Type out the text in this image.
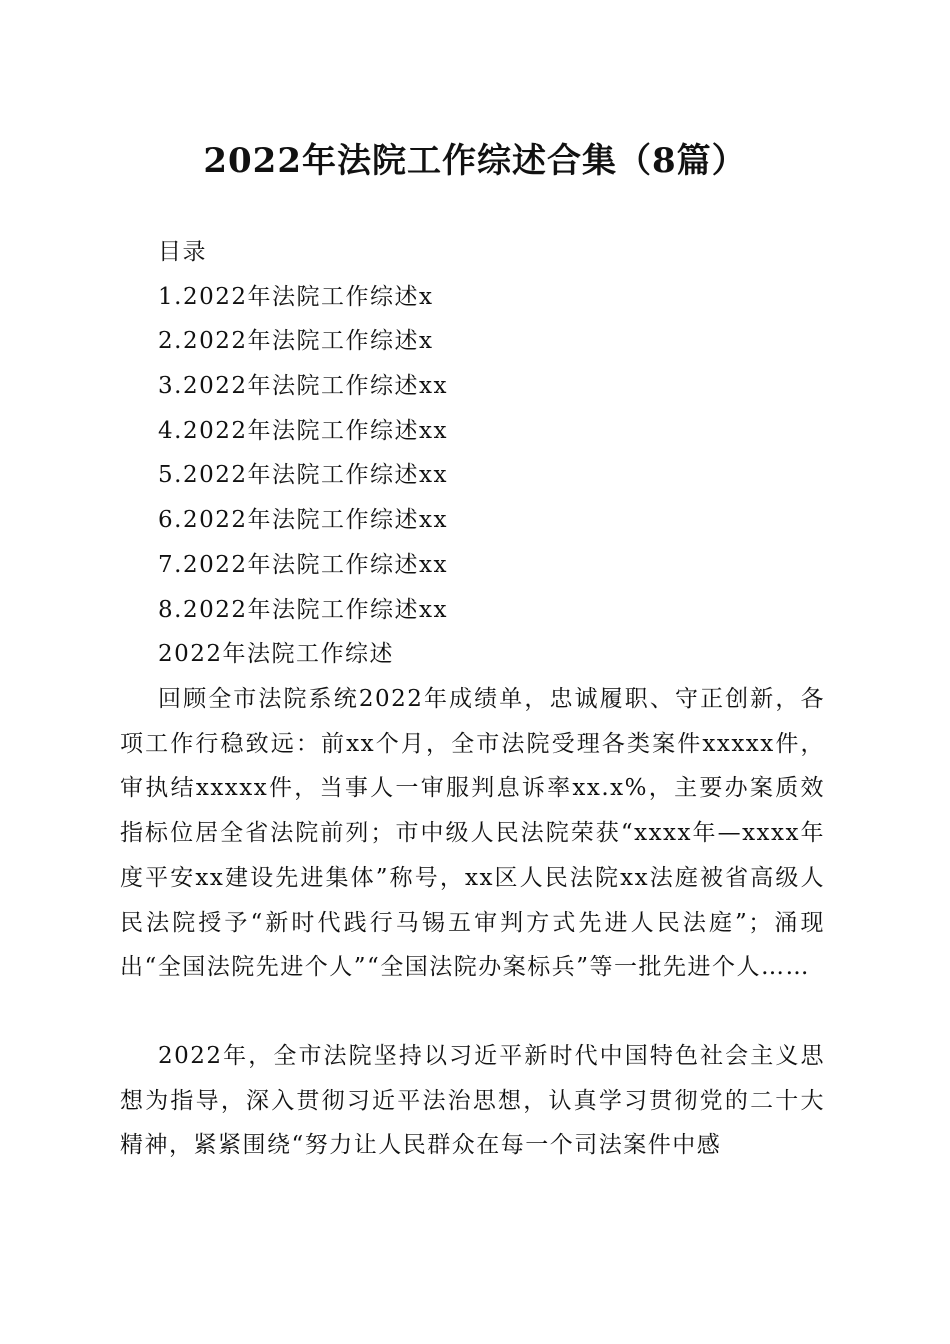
2022年法院工作综述合集（8篇）
目录
1.2022年法院工作综述x
2.2022年法院工作综述x
3.2022年法院工作综述xx
4.2022年法院工作综述xx
5.2022年法院工作综述xx
6.2022年法院工作综述xx
7.2022年法院工作综述xx
8.2022年法院工作综述xx
2022年法院工作综述

回顾全市法院系统2022年成绩单，忠诚履职、守正创新，各项工作行稳致远：前xx个月，全市法院受理各类案件xxxxx件，审执结xxxxx件，当事人一审服判息诉率xx.x%，主要办案质效指标位居全省法院前列；市中级人民法院荣获“xxxx年—xxxx年度平安xx建设先进集体”称号，xx区人民法院xx法庭被省高级人民法院授予“新时代践行马锡五审判方式先进人民法庭”；涌现出“全国法院先进个人”“全国法院办案标兵”等一批先进个人……

2022年，全市法院坚持以习近平新时代中国特色社会主义思想为指导，深入贯彻习近平法治思想，认真学习贯彻党的二十大精神，紧紧围绕“努力让人民群众在每一个司法案件中感
